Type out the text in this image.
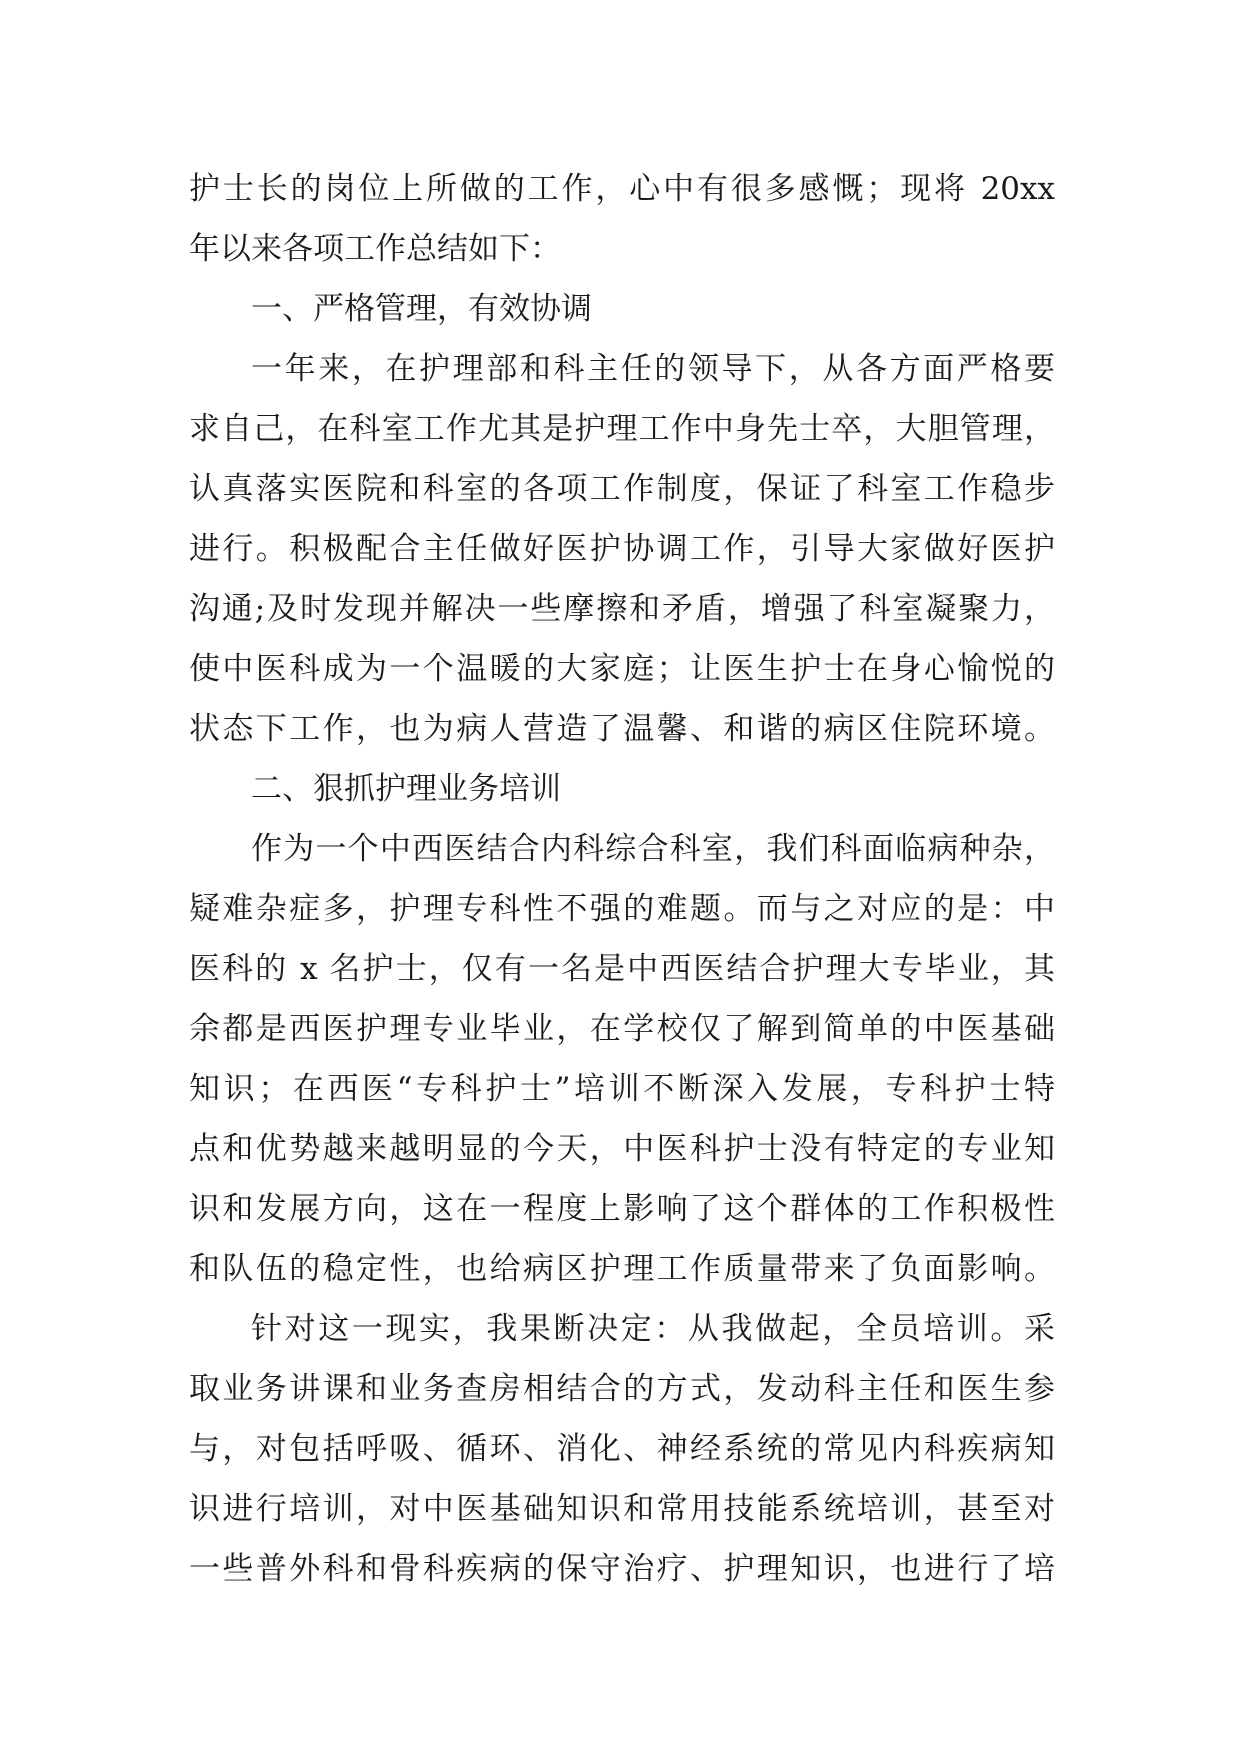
护士长的岗位上所做的工作，心中有很多感慨；现将 20xx
年以来各项工作总结如下：
一、严格管理，有效协调
一年来，在护理部和科主任的领导下，从各方面严格要
求自己，在科室工作尤其是护理工作中身先士卒，大胆管理，
认真落实医院和科室的各项工作制度，保证了科室工作稳步
进行。积极配合主任做好医护协调工作，引导大家做好医护
沟通;及时发现并解决一些摩擦和矛盾，增强了科室凝聚力，
使中医科成为一个温暖的大家庭；让医生护士在身心愉悦的
状态下工作，也为病人营造了温馨、和谐的病区住院环境。
二、狠抓护理业务培训
作为一个中西医结合内科综合科室，我们科面临病种杂，
疑难杂症多，护理专科性不强的难题。而与之对应的是：中
医科的 x 名护士，仅有一名是中西医结合护理大专毕业，其
余都是西医护理专业毕业，在学校仅了解到简单的中医基础
知识；在西医“专科护士”培训不断深入发展，专科护士特
点和优势越来越明显的今天，中医科护士没有特定的专业知
识和发展方向，这在一程度上影响了这个群体的工作积极性
和队伍的稳定性，也给病区护理工作质量带来了负面影响。
针对这一现实，我果断决定：从我做起，全员培训。采
取业务讲课和业务查房相结合的方式，发动科主任和医生参
与，对包括呼吸、循环、消化、神经系统的常见内科疾病知
识进行培训，对中医基础知识和常用技能系统培训，甚至对
一些普外科和骨科疾病的保守治疗、护理知识，也进行了培
